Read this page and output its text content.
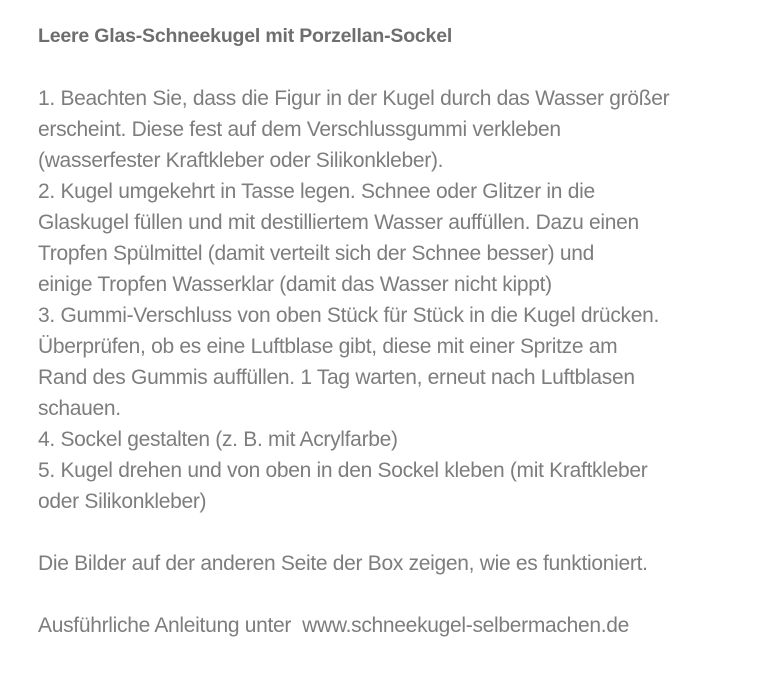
Leere Glas-Schneekugel mit Porzellan-Sockel
1. Beachten Sie, dass die Figur in der Kugel durch das Wasser größer
erscheint. Diese fest auf dem Verschlussgummi verkleben
(wasserfester Kraftkleber oder Silikonkleber).
2. Kugel umgekehrt in Tasse legen. Schnee oder Glitzer in die
Glaskugel füllen und mit destilliertem Wasser auffüllen. Dazu einen
Tropfen Spülmittel (damit verteilt sich der Schnee besser) und
einige Tropfen Wasserklar (damit das Wasser nicht kippt)
3. Gummi-Verschluss von oben Stück für Stück in die Kugel drücken.
Überprüfen, ob es eine Luftblase gibt, diese mit einer Spritze am
Rand des Gummis auffüllen. 1 Tag warten, erneut nach Luftblasen
schauen.
4. Sockel gestalten (z. B. mit Acrylfarbe)
5. Kugel drehen und von oben in den Sockel kleben (mit Kraftkleber
oder Silikonkleber)

Die Bilder auf der anderen Seite der Box zeigen, wie es funktioniert.

Ausführliche Anleitung unter  www.schneekugel-selbermachen.de
